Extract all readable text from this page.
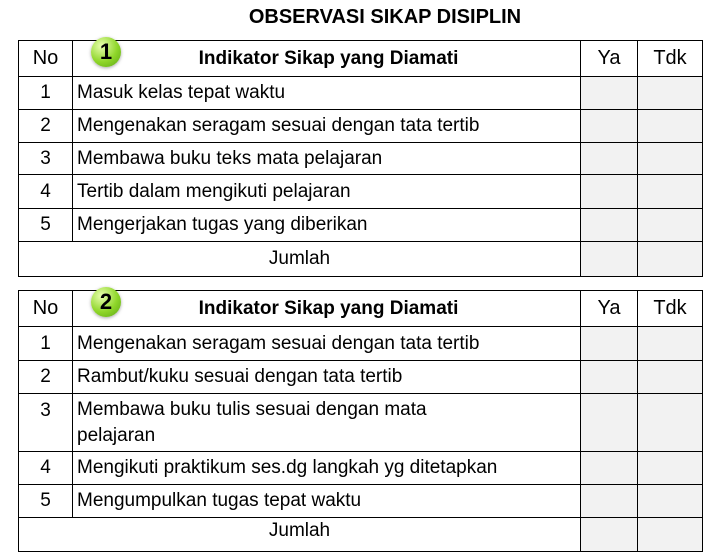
OBSERVASI SIKAP DISIPLIN
No	1 Indikator Sikap yang Diamati	Ya	Tdk
1	Masuk kelas tepat waktu		
2	Mengenakan seragam sesuai dengan tata tertib		
3	Membawa buku teks mata pelajaran		
4	Tertib dalam mengikuti pelajaran		
5	Mengerjakan tugas yang diberikan		
Jumlah			
No	2 Indikator Sikap yang Diamati	Ya	Tdk
1	Mengenakan seragam sesuai dengan tata tertib		
2	Rambut/kuku sesuai dengan tata tertib		
3	Membawa buku tulis sesuai dengan mata pelajaran		
4	Mengikuti praktikum ses.dg langkah yg ditetapkan		
5	Mengumpulkan tugas tepat waktu		
Jumlah			
